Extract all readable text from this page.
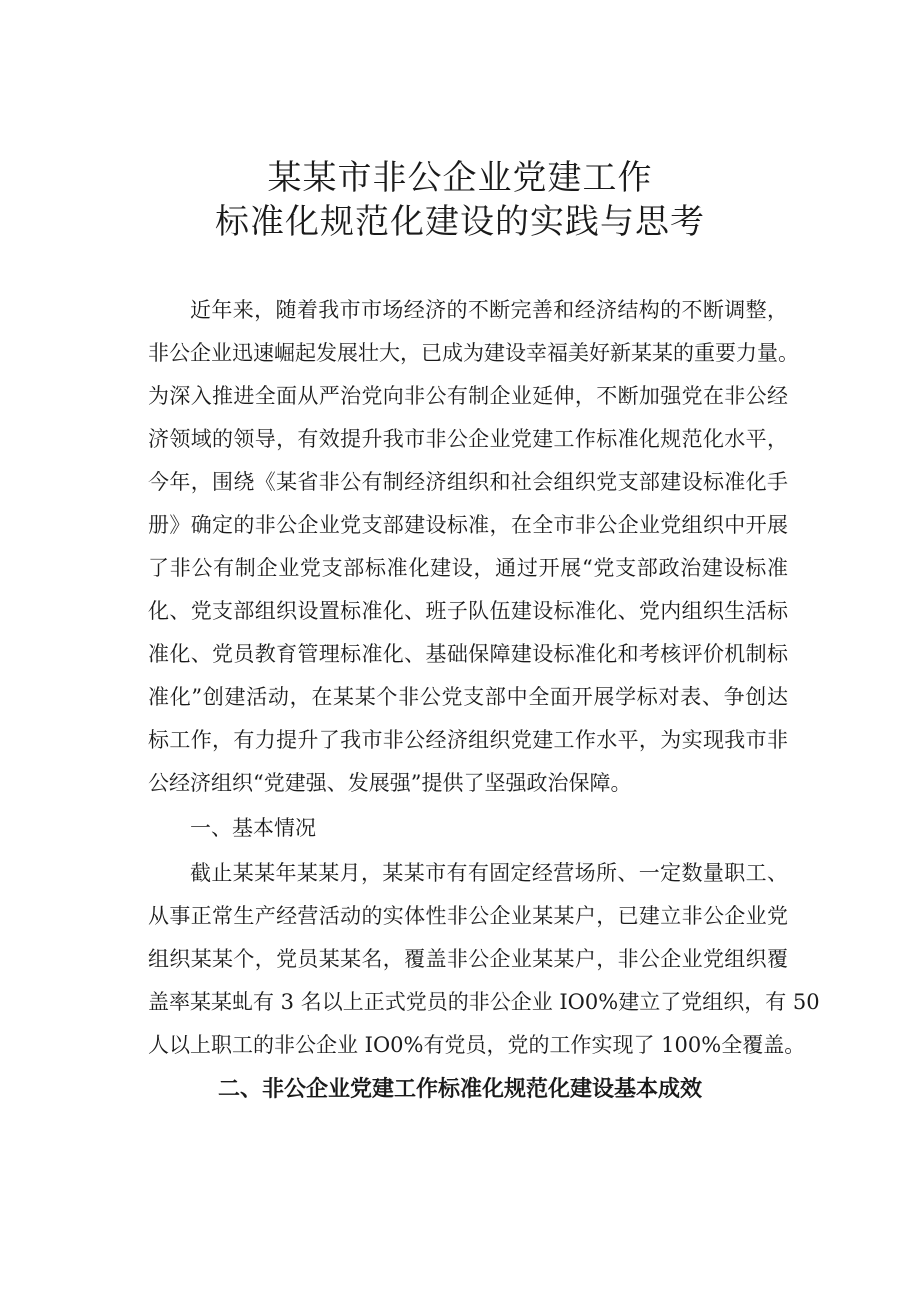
某某市非公企业党建工作
标准化规范化建设的实践与思考
近年来，随着我市市场经济的不断完善和经济结构的不断调整，
非公企业迅速崛起发展壮大，已成为建设幸福美好新某某的重要力量。
为深入推进全面从严治党向非公有制企业延伸，不断加强党在非公经
济领域的领导，有效提升我市非公企业党建工作标准化规范化水平，
今年，围绕《某省非公有制经济组织和社会组织党支部建设标准化手
册》确定的非公企业党支部建设标准，在全市非公企业党组织中开展
了非公有制企业党支部标准化建设，通过开展“党支部政治建设标准
化、党支部组织设置标准化、班子队伍建设标准化、党内组织生活标
准化、党员教育管理标准化、基础保障建设标准化和考核评价机制标
准化”创建活动，在某某个非公党支部中全面开展学标对表、争创达
标工作，有力提升了我市非公经济组织党建工作水平，为实现我市非
公经济组织“党建强、发展强”提供了坚强政治保障。
一、基本情况
截止某某年某某月，某某市有有固定经营场所、一定数量职工、
从事正常生产经营活动的实体性非公企业某某户，已建立非公企业党
组织某某个，党员某某名，覆盖非公企业某某户，非公企业党组织覆
盖率某某虬有 3 名以上正式党员的非公企业 IO0%建立了党组织，有 50
人以上职工的非公企业 IO0%有党员，党的工作实现了 100%全覆盖。
二、非公企业党建工作标准化规范化建设基本成效
